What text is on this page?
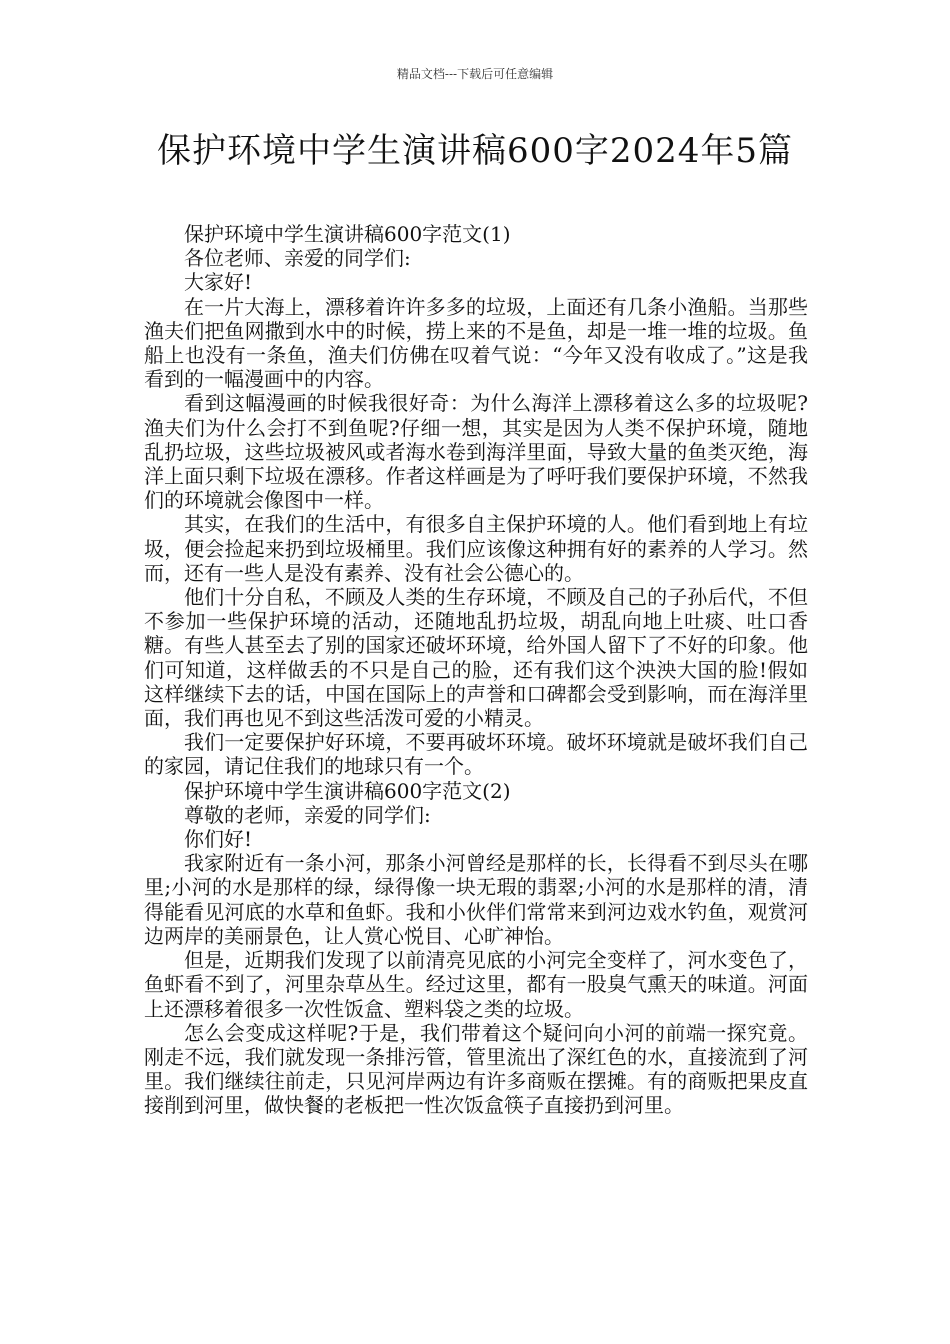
精品文档---下载后可任意编辑
保护环境中学生演讲稿600字2024年5篇

保护环境中学生演讲稿600字范文(1)

各位老师、亲爱的同学们:

大家好!

在一片大海上，漂移着许许多多的垃圾，上面还有几条小渔船。当那些渔夫们把鱼网撒到水中的时候，捞上来的不是鱼，却是一堆一堆的垃圾。鱼船上也没有一条鱼，渔夫们仿佛在叹着气说：“今年又没有收成了。”这是我看到的一幅漫画中的内容。

看到这幅漫画的时候我很好奇：为什么海洋上漂移着这么多的垃圾呢?渔夫们为什么会打不到鱼呢?仔细一想，其实是因为人类不保护环境，随地乱扔垃圾，这些垃圾被风或者海水卷到海洋里面，导致大量的鱼类灭绝，海洋上面只剩下垃圾在漂移。作者这样画是为了呼吁我们要保护环境，不然我们的环境就会像图中一样。

其实，在我们的生活中，有很多自主保护环境的人。他们看到地上有垃圾，便会捡起来扔到垃圾桶里。我们应该像这种拥有好的素养的人学习。然而，还有一些人是没有素养、没有社会公德心的。

他们十分自私，不顾及人类的生存环境，不顾及自己的子孙后代，不但不参加一些保护环境的活动，还随地乱扔垃圾，胡乱向地上吐痰、吐口香糖。有些人甚至去了别的国家还破坏环境，给外国人留下了不好的印象。他们可知道，这样做丢的不只是自己的脸，还有我们这个泱泱大国的脸!假如这样继续下去的话，中国在国际上的声誉和口碑都会受到影响，而在海洋里面，我们再也见不到这些活泼可爱的小精灵。

我们一定要保护好环境，不要再破坏环境。破坏环境就是破坏我们自己的家园，请记住我们的地球只有一个。

保护环境中学生演讲稿600字范文(2)

尊敬的老师，亲爱的同学们:

你们好!

我家附近有一条小河，那条小河曾经是那样的长，长得看不到尽头在哪里;小河的水是那样的绿，绿得像一块无瑕的翡翠;小河的水是那样的清，清得能看见河底的水草和鱼虾。我和小伙伴们常常来到河边戏水钓鱼，观赏河边两岸的美丽景色，让人赏心悦目、心旷神怡。

但是，近期我们发现了以前清亮见底的小河完全变样了，河水变色了，鱼虾看不到了，河里杂草丛生。经过这里，都有一股臭气熏天的味道。河面上还漂移着很多一次性饭盒、塑料袋之类的垃圾。

怎么会变成这样呢?于是，我们带着这个疑问向小河的前端一探究竟。刚走不远，我们就发现一条排污管，管里流出了深红色的水，直接流到了河里。我们继续往前走，只见河岸两边有许多商贩在摆摊。有的商贩把果皮直接削到河里，做快餐的老板把一性次饭盒筷子直接扔到河里。
